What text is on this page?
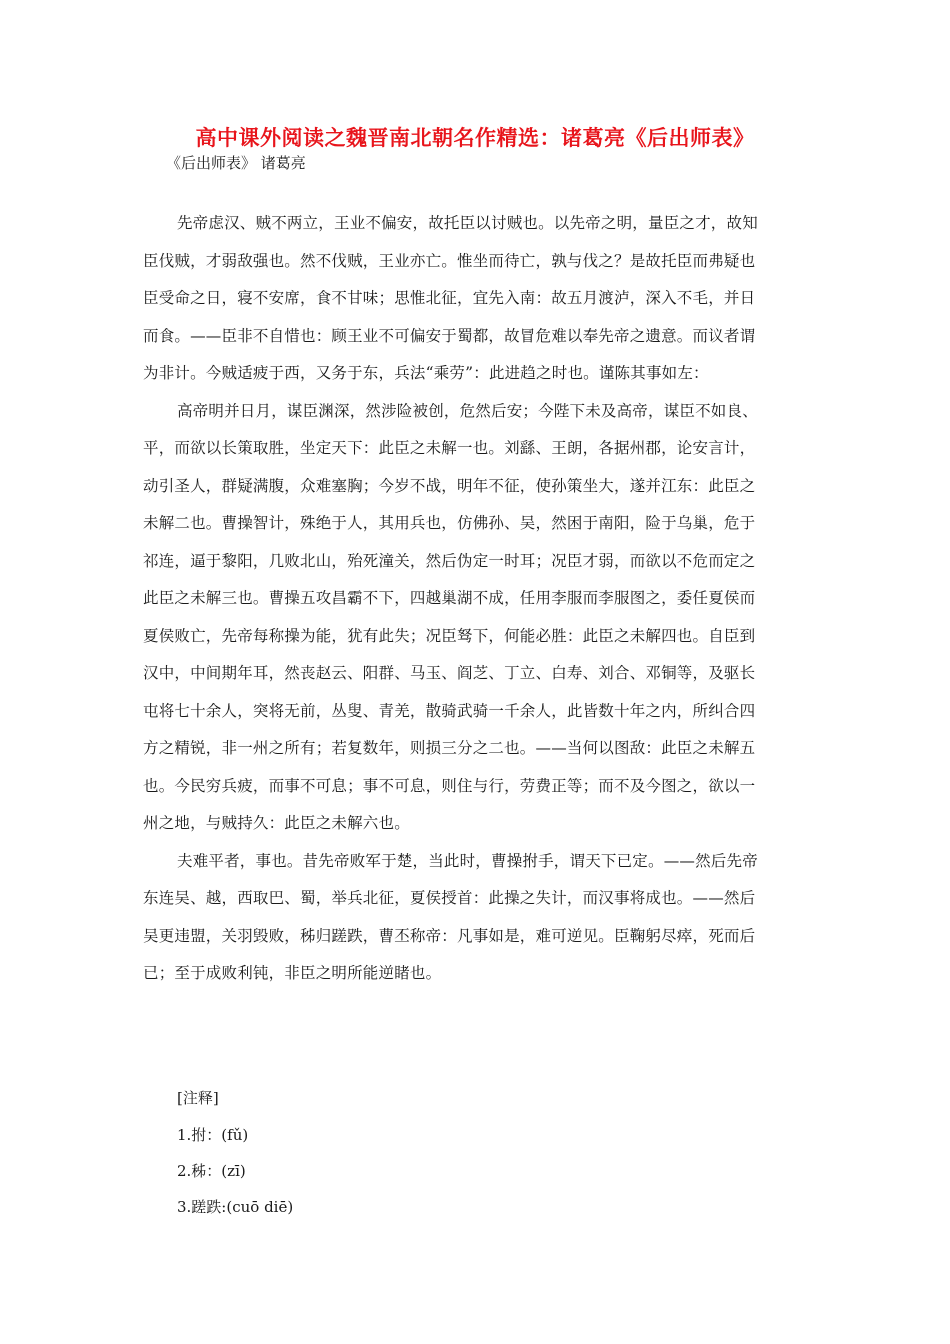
高中课外阅读之魏晋南北朝名作精选：诸葛亮《后出师表》
《后出师表》 诸葛亮
先帝虑汉、贼不两立，王业不偏安，故托臣以讨贼也。以先帝之明，量臣之才，故知
臣伐贼，才弱敌强也。然不伐贼，王业亦亡。惟坐而待亡，孰与伐之？是故托臣而弗疑也
臣受命之日，寝不安席，食不甘味；思惟北征，宜先入南：故五月渡泸，深入不毛，并日
而食。——臣非不自惜也：顾王业不可偏安于蜀都，故冒危难以奉先帝之遗意。而议者谓
为非计。今贼适疲于西，又务于东，兵法“乘劳”：此进趋之时也。谨陈其事如左：
高帝明并日月，谋臣渊深，然涉险被创，危然后安；今陛下未及高帝，谋臣不如良、
平，而欲以长策取胜，坐定天下：此臣之未解一也。刘繇、王朗，各据州郡，论安言计，
动引圣人，群疑满腹，众难塞胸；今岁不战，明年不征，使孙策坐大，遂并江东：此臣之
未解二也。曹操智计，殊绝于人，其用兵也，仿佛孙、吴，然困于南阳，险于乌巢，危于
祁连，逼于黎阳，几败北山，殆死潼关，然后伪定一时耳；况臣才弱，而欲以不危而定之
此臣之未解三也。曹操五攻昌霸不下，四越巢湖不成，任用李服而李服图之，委任夏侯而
夏侯败亡，先帝每称操为能，犹有此失；况臣驽下，何能必胜：此臣之未解四也。自臣到
汉中，中间期年耳，然丧赵云、阳群、马玉、阎芝、丁立、白寿、刘合、邓铜等，及驱长
屯将七十余人，突将无前，丛叟、青羌，散骑武骑一千余人，此皆数十年之内，所纠合四
方之精锐，非一州之所有；若复数年，则损三分之二也。——当何以图敌：此臣之未解五
也。今民穷兵疲，而事不可息；事不可息，则住与行，劳费正等；而不及今图之，欲以一
州之地，与贼持久：此臣之未解六也。
夫难平者，事也。昔先帝败军于楚，当此时，曹操拊手，谓天下已定。——然后先帝
东连吴、越，西取巴、蜀，举兵北征，夏侯授首：此操之失计，而汉事将成也。——然后
吴更违盟，关羽毁败，秭归蹉跌，曹丕称帝：凡事如是，难可逆见。臣鞠躬尽瘁，死而后
已；至于成败利钝，非臣之明所能逆睹也。
[注释]
1.拊：(fǔ)
2.秭：(zī)
3.蹉跌:(cuō diē)
